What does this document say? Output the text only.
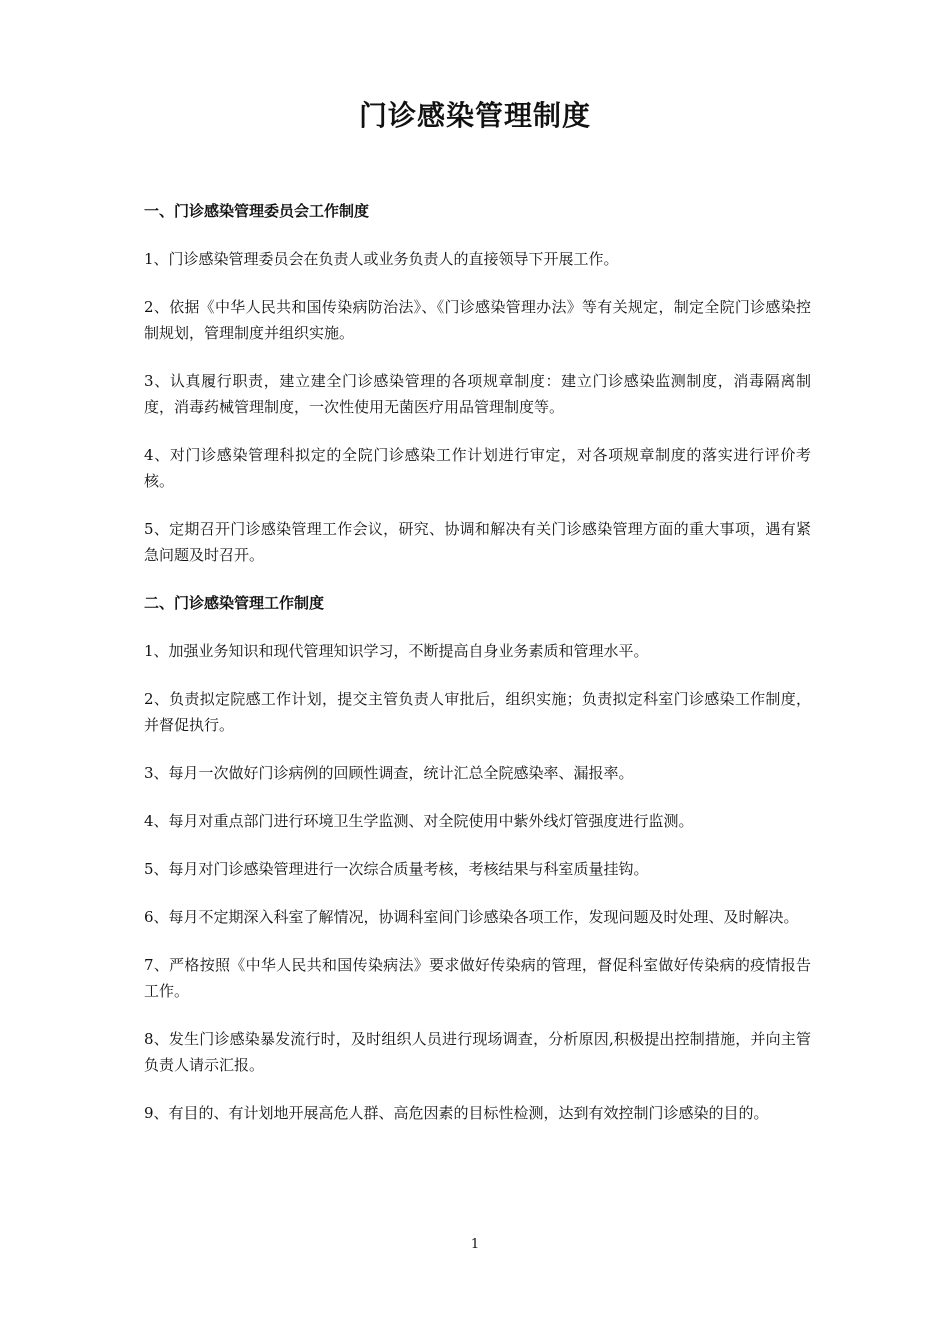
门诊感染管理制度

一、门诊感染管理委员会工作制度

1、门诊感染管理委员会在负责人或业务负责人的直接领导下开展工作。

2、依据《中华人民共和国传染病防治法》、《门诊感染管理办法》等有关规定，制定全院门诊感染控制规划，管理制度并组织实施。

3、认真履行职责，建立建全门诊感染管理的各项规章制度：建立门诊感染监测制度，消毒隔离制度，消毒药械管理制度，一次性使用无菌医疗用品管理制度等。

4、对门诊感染管理科拟定的全院门诊感染工作计划进行审定，对各项规章制度的落实进行评价考核。

5、定期召开门诊感染管理工作会议，研究、协调和解决有关门诊感染管理方面的重大事项，遇有紧急问题及时召开。

二、门诊感染管理工作制度

1、加强业务知识和现代管理知识学习，不断提高自身业务素质和管理水平。

2、负责拟定院感工作计划，提交主管负责人审批后，组织实施；负责拟定科室门诊感染工作制度，并督促执行。

3、每月一次做好门诊病例的回顾性调查，统计汇总全院感染率、漏报率。

4、每月对重点部门进行环境卫生学监测、对全院使用中紫外线灯管强度进行监测。

5、每月对门诊感染管理进行一次综合质量考核，考核结果与科室质量挂钩。

6、每月不定期深入科室了解情况，协调科室间门诊感染各项工作，发现问题及时处理、及时解决。

7、严格按照《中华人民共和国传染病法》要求做好传染病的管理，督促科室做好传染病的疫情报告工作。

8、发生门诊感染暴发流行时，及时组织人员进行现场调查，分析原因,积极提出控制措施，并向主管负责人请示汇报。

9、有目的、有计划地开展高危人群、高危因素的目标性检测，达到有效控制门诊感染的目的。

1
